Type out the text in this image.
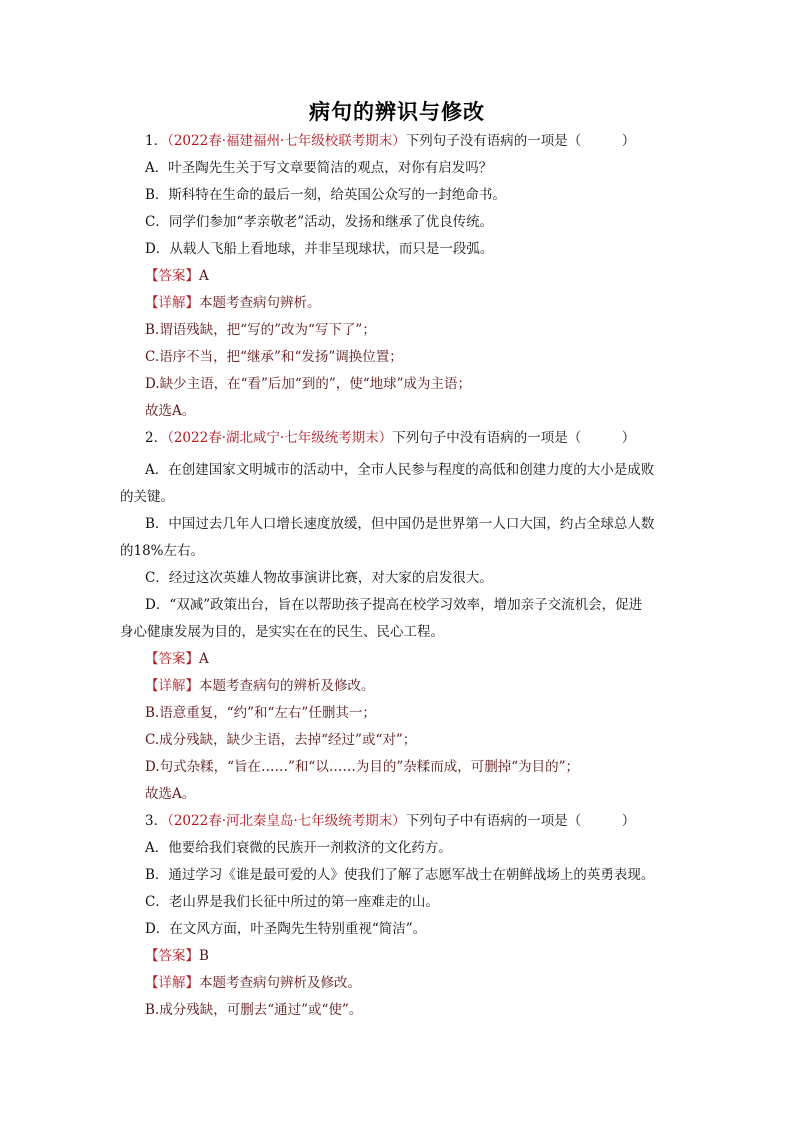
病句的辨识与修改
1．（2022春·福建福州·七年级校联考期末）下列句子没有语病的一项是（　　　）
A．叶圣陶先生关于写文章要简洁的观点，对你有启发吗？
B．斯科特在生命的最后一刻，给英国公众写的一封绝命书。
C．同学们参加“孝亲敬老”活动，发扬和继承了优良传统。
D．从载人飞船上看地球，并非呈现球状，而只是一段弧。
【答案】A
【详解】本题考查病句辨析。
B.谓语残缺，把“写的”改为“写下了”；
C.语序不当，把“继承”和“发扬”调换位置；
D.缺少主语，在“看”后加“到的”，使“地球”成为主语；
故选A。
2．（2022春·湖北咸宁·七年级统考期末）下列句子中没有语病的一项是（　　　）
A．在创建国家文明城市的活动中，全市人民参与程度的高低和创建力度的大小是成败
的关键。
B．中国过去几年人口增长速度放缓，但中国仍是世界第一人口大国，约占全球总人数
的18%左右。
C．经过这次英雄人物故事演讲比赛，对大家的启发很大。
D．“双减”政策出台，旨在以帮助孩子提高在校学习效率，增加亲子交流机会，促进
身心健康发展为目的，是实实在在的民生、民心工程。
【答案】A
【详解】本题考查病句的辨析及修改。
B.语意重复，“约”和“左右”任删其一；
C.成分残缺，缺少主语，去掉“经过”或“对”；
D.句式杂糅，“旨在……”和“以……为目的”杂糅而成，可删掉“为目的”；
故选A。
3．（2022春·河北秦皇岛·七年级统考期末）下列句子中有语病的一项是（　　　）
A．他要给我们衰微的民族开一剂救济的文化药方。
B．通过学习《谁是最可爱的人》使我们了解了志愿军战士在朝鲜战场上的英勇表现。
C．老山界是我们长征中所过的第一座难走的山。
D．在文风方面，叶圣陶先生特别重视“简洁”。
【答案】B
【详解】本题考查病句辨析及修改。
B.成分残缺，可删去“通过”或“使”。
